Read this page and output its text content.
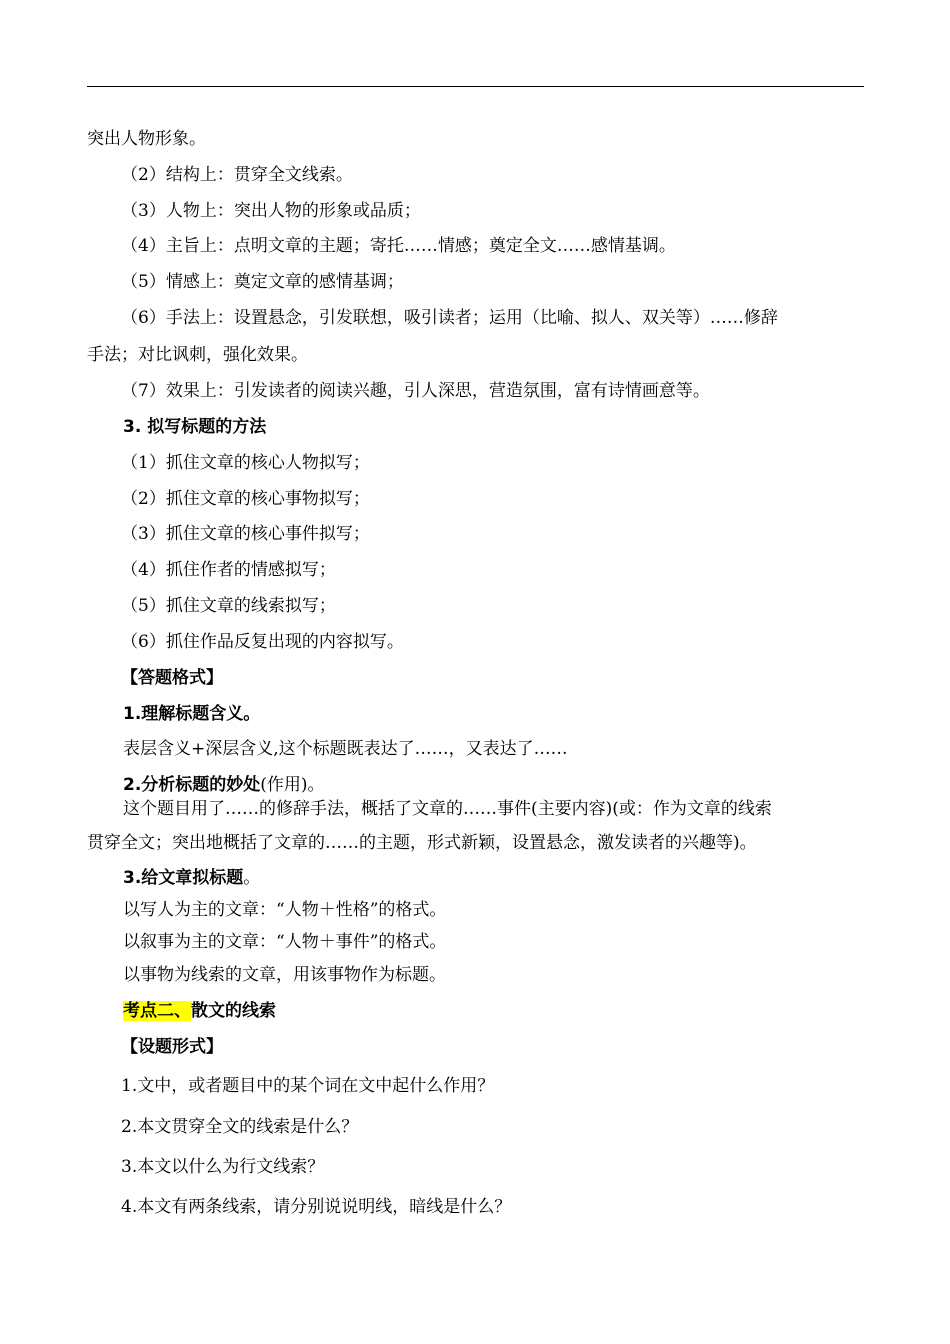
突出人物形象。
（2）结构上：贯穿全文线索。
（3）人物上：突出人物的形象或品质；
（4）主旨上：点明文章的主题；寄托……情感；奠定全文……感情基调。
（5）情感上：奠定文章的感情基调；
（6）手法上：设置悬念，引发联想，吸引读者；运用（比喻、拟人、双关等）……修辞
手法；对比讽刺，强化效果。
（7）效果上：引发读者的阅读兴趣，引人深思，营造氛围，富有诗情画意等。
3. 拟写标题的方法
（1）抓住文章的核心人物拟写；
（2）抓住文章的核心事物拟写；
（3）抓住文章的核心事件拟写；
（4）抓住作者的情感拟写；
（5）抓住文章的线索拟写；
（6）抓住作品反复出现的内容拟写。
【答题格式】
1.理解标题含义。
表层含义+深层含义,这个标题既表达了……，又表达了……
2.分析标题的妙处(作用)。
这个题目用了……的修辞手法，概括了文章的……事件(主要内容)(或：作为文章的线索
贯穿全文；突出地概括了文章的……的主题，形式新颖，设置悬念，激发读者的兴趣等)。
3.给文章拟标题。
以写人为主的文章：“人物＋性格”的格式。
以叙事为主的文章：“人物＋事件”的格式。
以事物为线索的文章，用该事物作为标题。
考点二、散文的线索
【设题形式】
1.文中，或者题目中的某个词在文中起什么作用？
2.本文贯穿全文的线索是什么？
3.本文以什么为行文线索？
4.本文有两条线索，请分别说说明线，暗线是什么？
